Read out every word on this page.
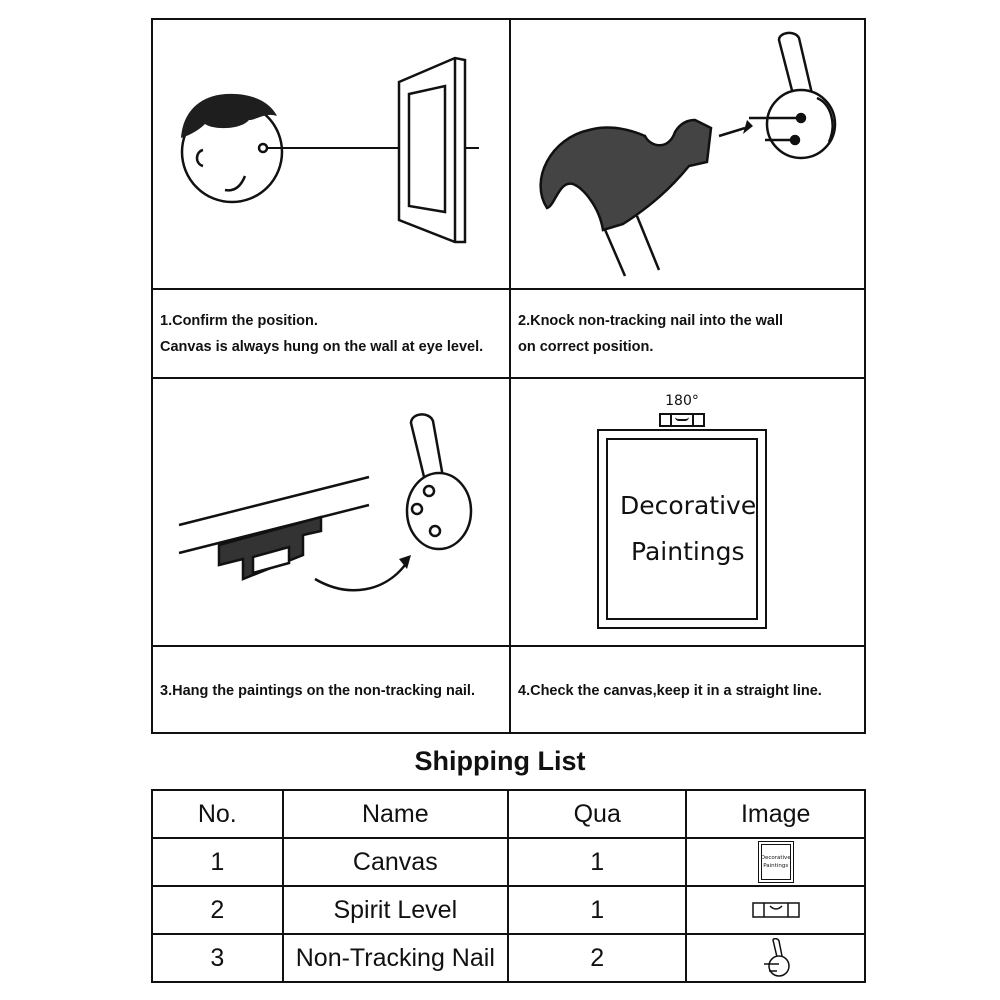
1.Confirm the position.
Canvas is always hung on the wall at eye level.
2.Knock non-tracking nail into the wall
on correct position.
180°
Decorative
Paintings
3.Hang the paintings on the non-tracking nail.	4.Check the canvas,keep it in a straight line.
Shipping List
No.	Name	Qua	Image
1	Canvas	1	Decorative
Paintings

2	Spirit Level	1	

3	Non-Tracking Nail	2	
